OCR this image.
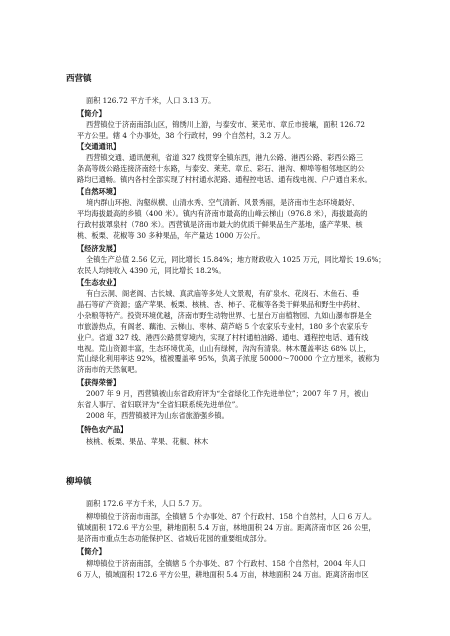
西营镇
面积 126.72 平方千米，人口 3.13 万。
【简介】
西营镇位于济南南部山区，锦绣川上游，与泰安市、莱芜市、章丘市接壤，面积 126.72
平方公里。辖 4 个办事处，38 个行政村，99 个自然村，3.2 万人。
【交通通讯】
西营镇交通、通讯便利，省道 327 线贯穿全镇东西，港九公路、港西公路、彩西公路三
条高等级公路连接济南经十东路，与泰安、莱芜、章丘、彩石、港沟、柳埠等相邻地区的公
路均已通畅。镇内各村全部实现了村村通水泥路、通程控电话、通有线电视、户户通自来水。
【自然环境】
境内群山环抱、沟壑纵横、山清水秀、空气清新、风景秀丽，是济南市生态环境最好、
平均海拔最高的乡镇（400 米）。镇内有济南市最高的山峰云梯山（976.8 米），海拔最高的
行政村拔罩泉村（780 米）。西营镇是济南市最大的优质干鲜果品生产基地，盛产苹果、核
桃、板栗、花椒等 30 多种果品，年产量达 1000 万公斤。
【经济发展】
全镇生产总值 2.56 亿元，同比增长 15.84%；地方财政收入 1025 万元，同比增长 19.6%；
农民人均纯收入 4390 元，同比增长 18.2%。
【生态农业】
有白云洞、阁老阁、古长城、真武庙等多处人文景观，有矿泉水、花岗石、木鱼石、垂
晶石等矿产资源；盛产苹果、板栗、核桃、杏、柿子、花椒等各类干鲜果品和野生中药材、
小杂粮等特产。投资环境优越，济南市野生动物世界、七星台万亩植物园、九如山瀑布群是全
市旅游热点，有阁老、藕池、云梯山、枣林、葫芦峪 5 个农家乐专业村，180 多个农家乐专
业户。省道 327 线、港西公路贯穿境内，实现了村村通柏油路、通电、通程控电话、通有线
电视。荒山资源丰富，生态环境优美，山山有绿树，沟沟有清泉。林木覆盖率达 68% 以上，
荒山绿化利用率达 92%，植被覆盖率 95%，负离子浓度 50000～70000 个立方厘米，被称为
济南市的天然氧吧。
【获得荣誉】
2007 年 9 月，西营镇被山东省政府评为“全省绿化工作先进单位”；2007 年 7 月，被山
东省人事厅、省妇联评为“全省妇联系统先进单位”。
2008 年，西营镇被评为山东省旅游强乡镇。
【特色农产品】
核桃、板栗、果品、苹果、花椒、林木
柳埠镇
面积 172.6 平方千米，人口 5.7 万。
柳埠镇位于济南市南部，全镇辖 5 个办事处、87 个行政村、158 个自然村，人口 6 万人。
镇域面积 172.6 平方公里，耕地面积 5.4 万亩，林地面积 24 万亩。距离济南市区 26 公里，
是济南市重点生态功能保护区、省城后花园的重要组成部分。
【简介】
柳埠镇位于济南南部，全镇辖 5 个办事处、87 个行政村、158 个自然村，2004 年人口
6 万人，镇域面积 172.6 平方公里，耕地面积 5.4 万亩，林地面积 24 万亩。距离济南市区
